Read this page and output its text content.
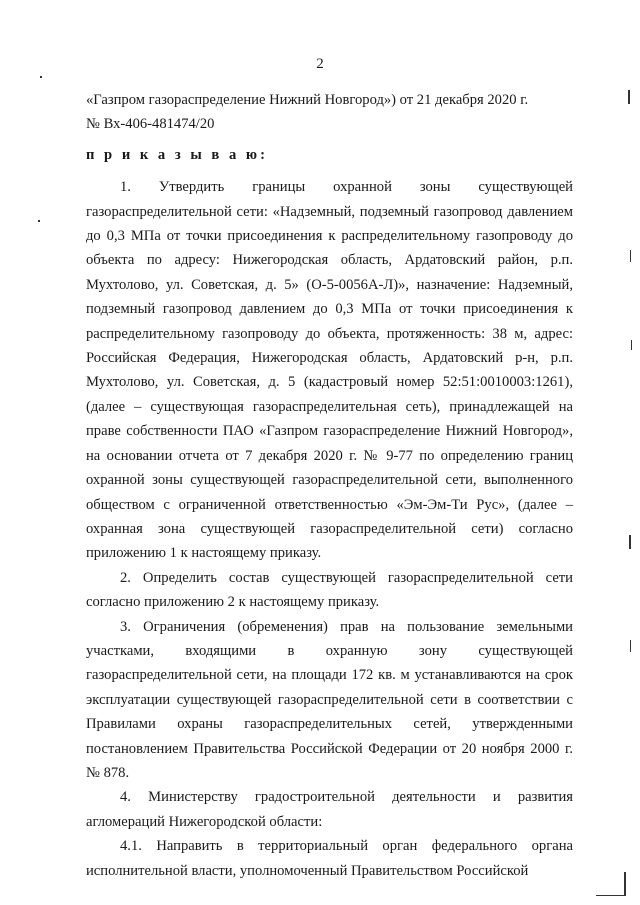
2

«Газпром газораспределение Нижний Новгород») от 21 декабря 2020 г.

№ Вх-406-481474/20

п р и к а з ы в а ю:

1. Утвердить границы охранной зоны существующей газораспределительной сети: «Надземный, подземный газопровод давлением до 0,3 МПа от точки присоединения к распределительному газопроводу до объекта по адресу: Нижегородская область, Ардатовский район, р.п. Мухтолово, ул. Советская, д. 5» (О-5-0056А-Л)», назначение: Надземный, подземный газопровод давлением до 0,3 МПа от точки присоединения к распределительному газопроводу до объекта, протяженность: 38 м, адрес: Российская Федерация, Нижегородская область, Ардатовский р-н, р.п. Мухтолово, ул. Советская, д. 5 (кадастровый номер 52:51:0010003:1261), (далее – существующая газораспределительная сеть), принадлежащей на праве собственности ПАО «Газпром газораспределение Нижний Новгород», на основании отчета от 7 декабря 2020 г. № 9-77 по определению границ охранной зоны существующей газораспределительной сети, выполненного обществом с ограниченной ответственностью «Эм-Эм-Ти Рус», (далее – охранная зона существующей газораспределительной сети) согласно приложению 1 к настоящему приказу.

2. Определить состав существующей газораспределительной сети согласно приложению 2 к настоящему приказу.

3. Ограничения (обременения) прав на пользование земельными участками, входящими в охранную зону существующей газораспределительной сети, на площади 172 кв. м устанавливаются на срок эксплуатации существующей газораспределительной сети в соответствии с Правилами охраны газораспределительных сетей, утвержденными постановлением Правительства Российской Федерации от 20 ноября 2000 г. № 878.

4. Министерству градостроительной деятельности и развития агломераций Нижегородской области:

4.1. Направить в территориальный орган федерального органа исполнительной власти, уполномоченный Правительством Российской
